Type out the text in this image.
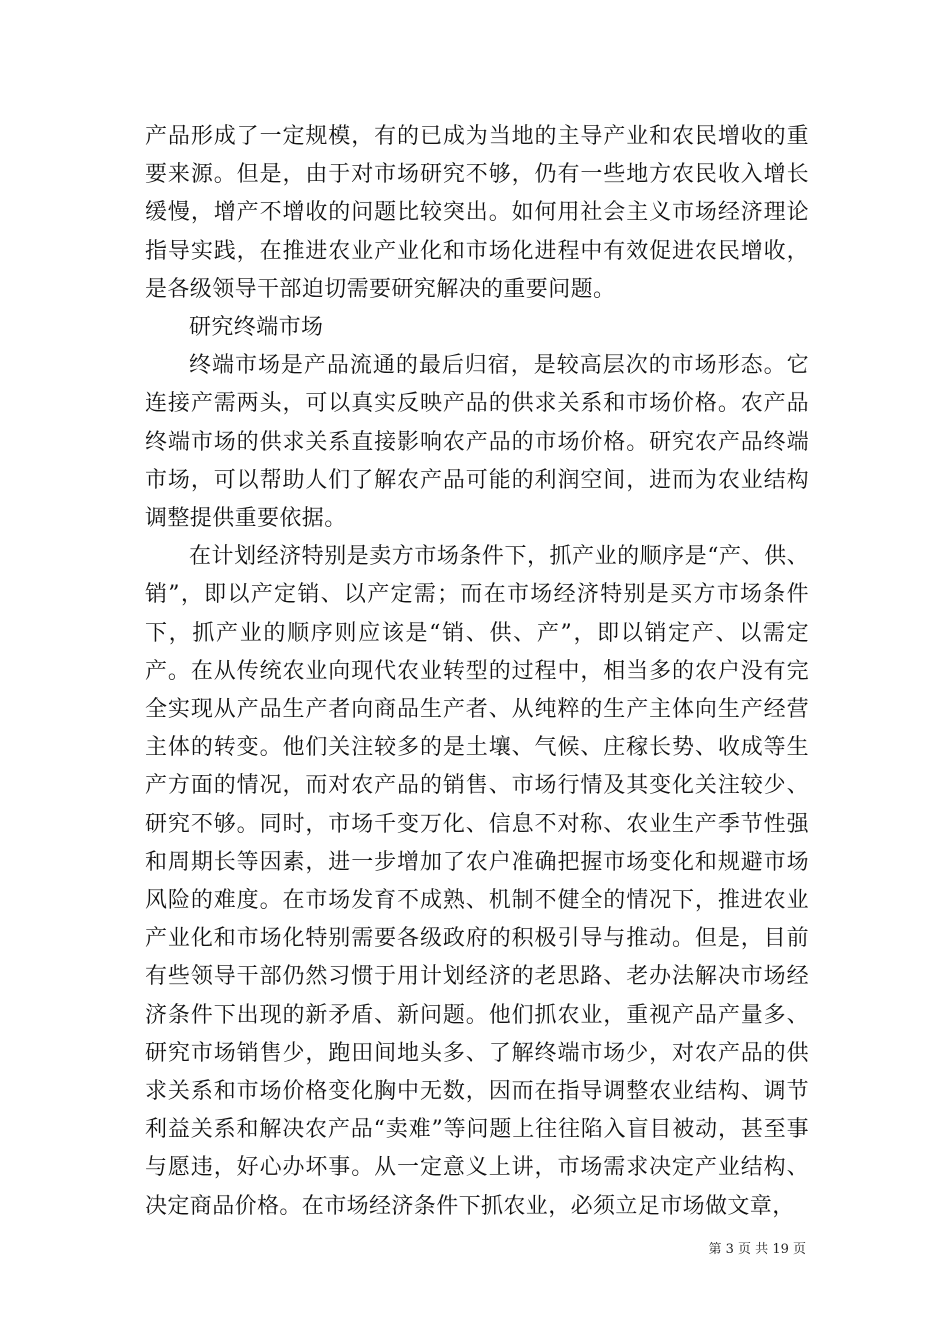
产品形成了一定规模，有的已成为当地的主导产业和农民增收的重要来源。但是，由于对市场研究不够，仍有一些地方农民收入增长缓慢，增产不增收的问题比较突出。如何用社会主义市场经济理论指导实践，在推进农业产业化和市场化进程中有效促进农民增收，是各级领导干部迫切需要研究解决的重要问题。

研究终端市场

终端市场是产品流通的最后归宿，是较高层次的市场形态。它连接产需两头，可以真实反映产品的供求关系和市场价格。农产品终端市场的供求关系直接影响农产品的市场价格。研究农产品终端市场，可以帮助人们了解农产品可能的利润空间，进而为农业结构调整提供重要依据。

在计划经济特别是卖方市场条件下，抓产业的顺序是“产、供、销”，即以产定销、以产定需；而在市场经济特别是买方市场条件下，抓产业的顺序则应该是“销、供、产”，即以销定产、以需定产。在从传统农业向现代农业转型的过程中，相当多的农户没有完全实现从产品生产者向商品生产者、从纯粹的生产主体向生产经营主体的转变。他们关注较多的是土壤、气候、庄稼长势、收成等生产方面的情况，而对农产品的销售、市场行情及其变化关注较少、研究不够。同时，市场千变万化、信息不对称、农业生产季节性强和周期长等因素，进一步增加了农户准确把握市场变化和规避市场风险的难度。在市场发育不成熟、机制不健全的情况下，推进农业产业化和市场化特别需要各级政府的积极引导与推动。但是，目前有些领导干部仍然习惯于用计划经济的老思路、老办法解决市场经济条件下出现的新矛盾、新问题。他们抓农业，重视产品产量多、研究市场销售少，跑田间地头多、了解终端市场少，对农产品的供求关系和市场价格变化胸中无数，因而在指导调整农业结构、调节利益关系和解决农产品“卖难”等问题上往往陷入盲目被动，甚至事与愿违，好心办坏事。从一定意义上讲，市场需求决定产业结构、决定商品价格。在市场经济条件下抓农业，必须立足市场做文章，

第 3 页 共 19 页
